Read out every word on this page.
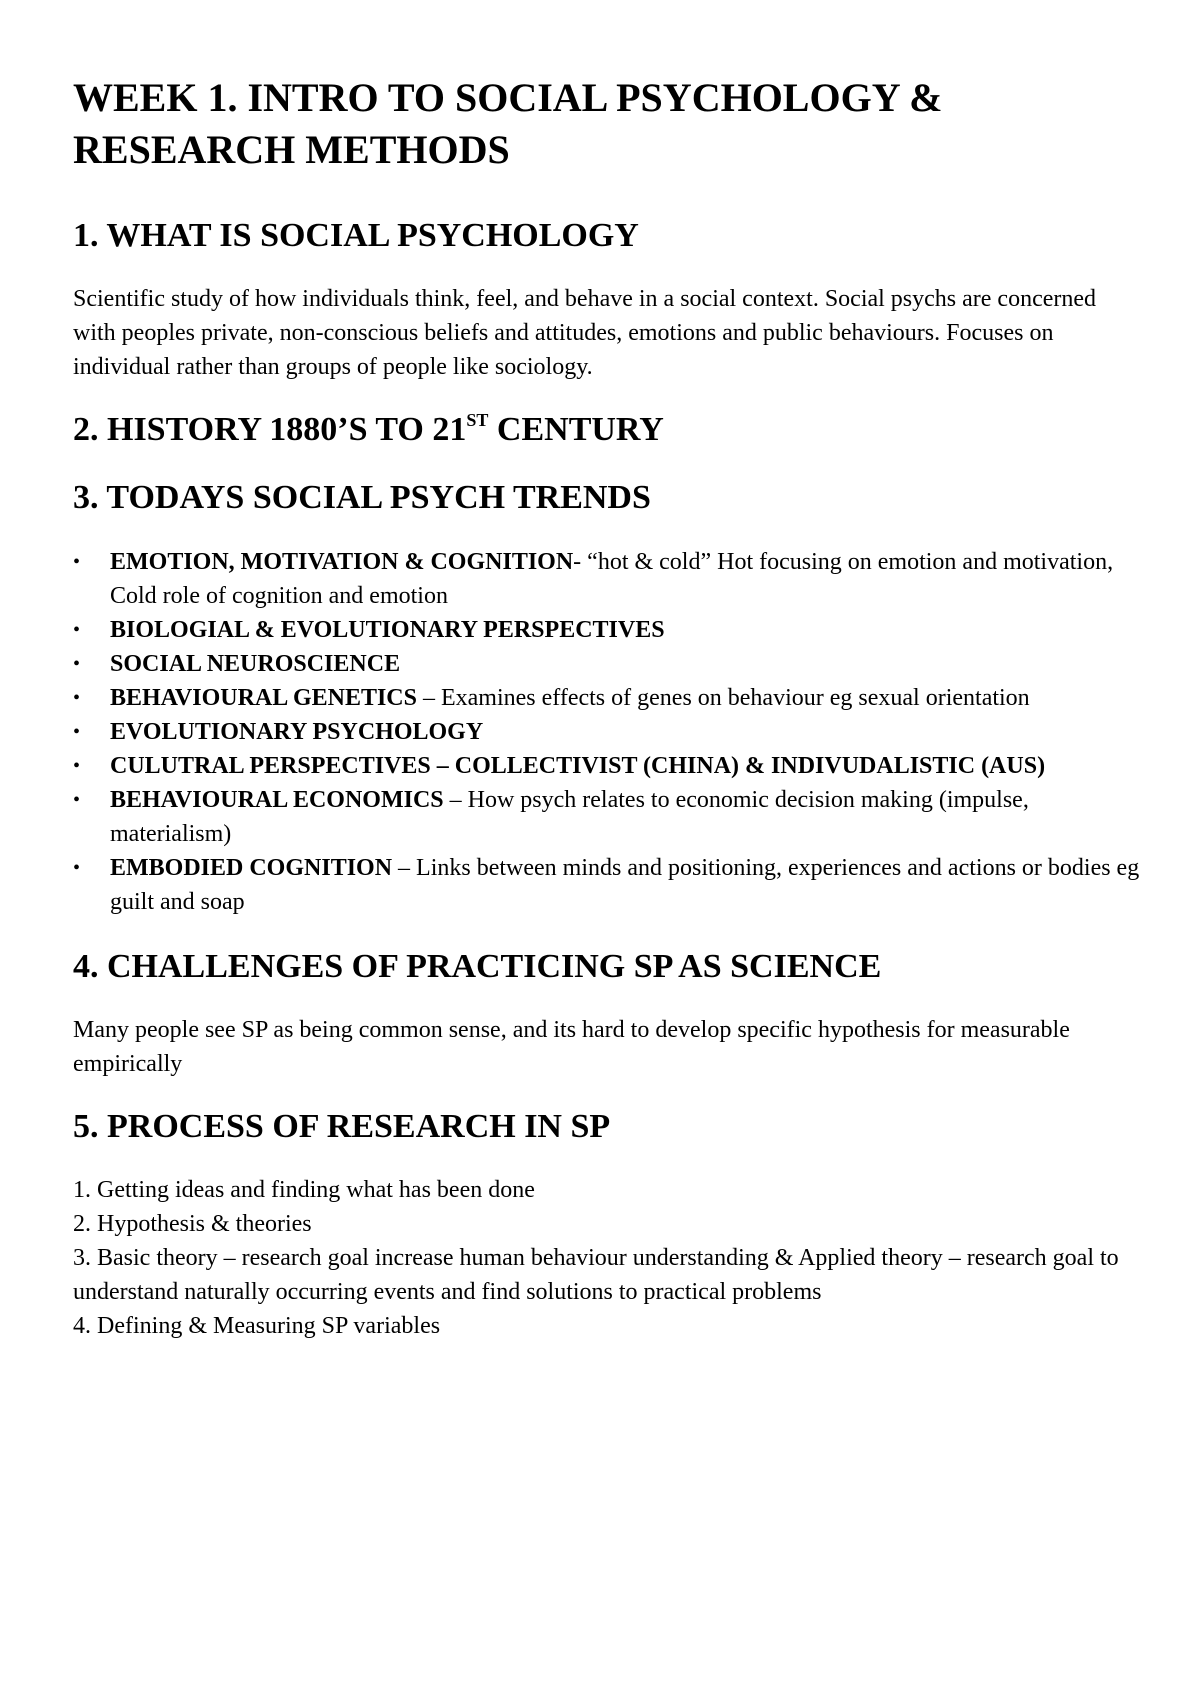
WEEK 1. INTRO TO SOCIAL PSYCHOLOGY & RESEARCH METHODS
1. WHAT IS SOCIAL PSYCHOLOGY

Scientific study of how individuals think, feel, and behave in a social context. Social psychs are concerned with peoples private, non-conscious beliefs and attitudes, emotions and public behaviours. Focuses on individual rather than groups of people like sociology.

2. HISTORY 1880’S TO 21ST CENTURY
3. TODAYS SOCIAL PSYCH TRENDS
•	EMOTION, MOTIVATION & COGNITION- “hot & cold” Hot focusing on emotion and motivation, Cold role of cognition and emotion
•	BIOLOGIAL & EVOLUTIONARY PERSPECTIVES
•	SOCIAL NEUROSCIENCE
•	BEHAVIOURAL GENETICS – Examines effects of genes on behaviour eg sexual orientation
•	EVOLUTIONARY PSYCHOLOGY
•	CULUTRAL PERSPECTIVES – COLLECTIVIST (CHINA) & INDIVUDALISTIC (AUS)
•	BEHAVIOURAL ECONOMICS – How psych relates to economic decision making (impulse, materialism)
•	EMBODIED COGNITION – Links between minds and positioning, experiences and actions or bodies eg guilt and soap
4. CHALLENGES OF PRACTICING SP AS SCIENCE

Many people see SP as being common sense, and its hard to develop specific hypothesis for measurable empirically

5. PROCESS OF RESEARCH IN SP
1. Getting ideas and finding what has been done
2. Hypothesis & theories
3. Basic theory – research goal increase human behaviour understanding & Applied theory – research goal to understand naturally occurring events and find solutions to practical problems
4. Defining & Measuring SP variables
